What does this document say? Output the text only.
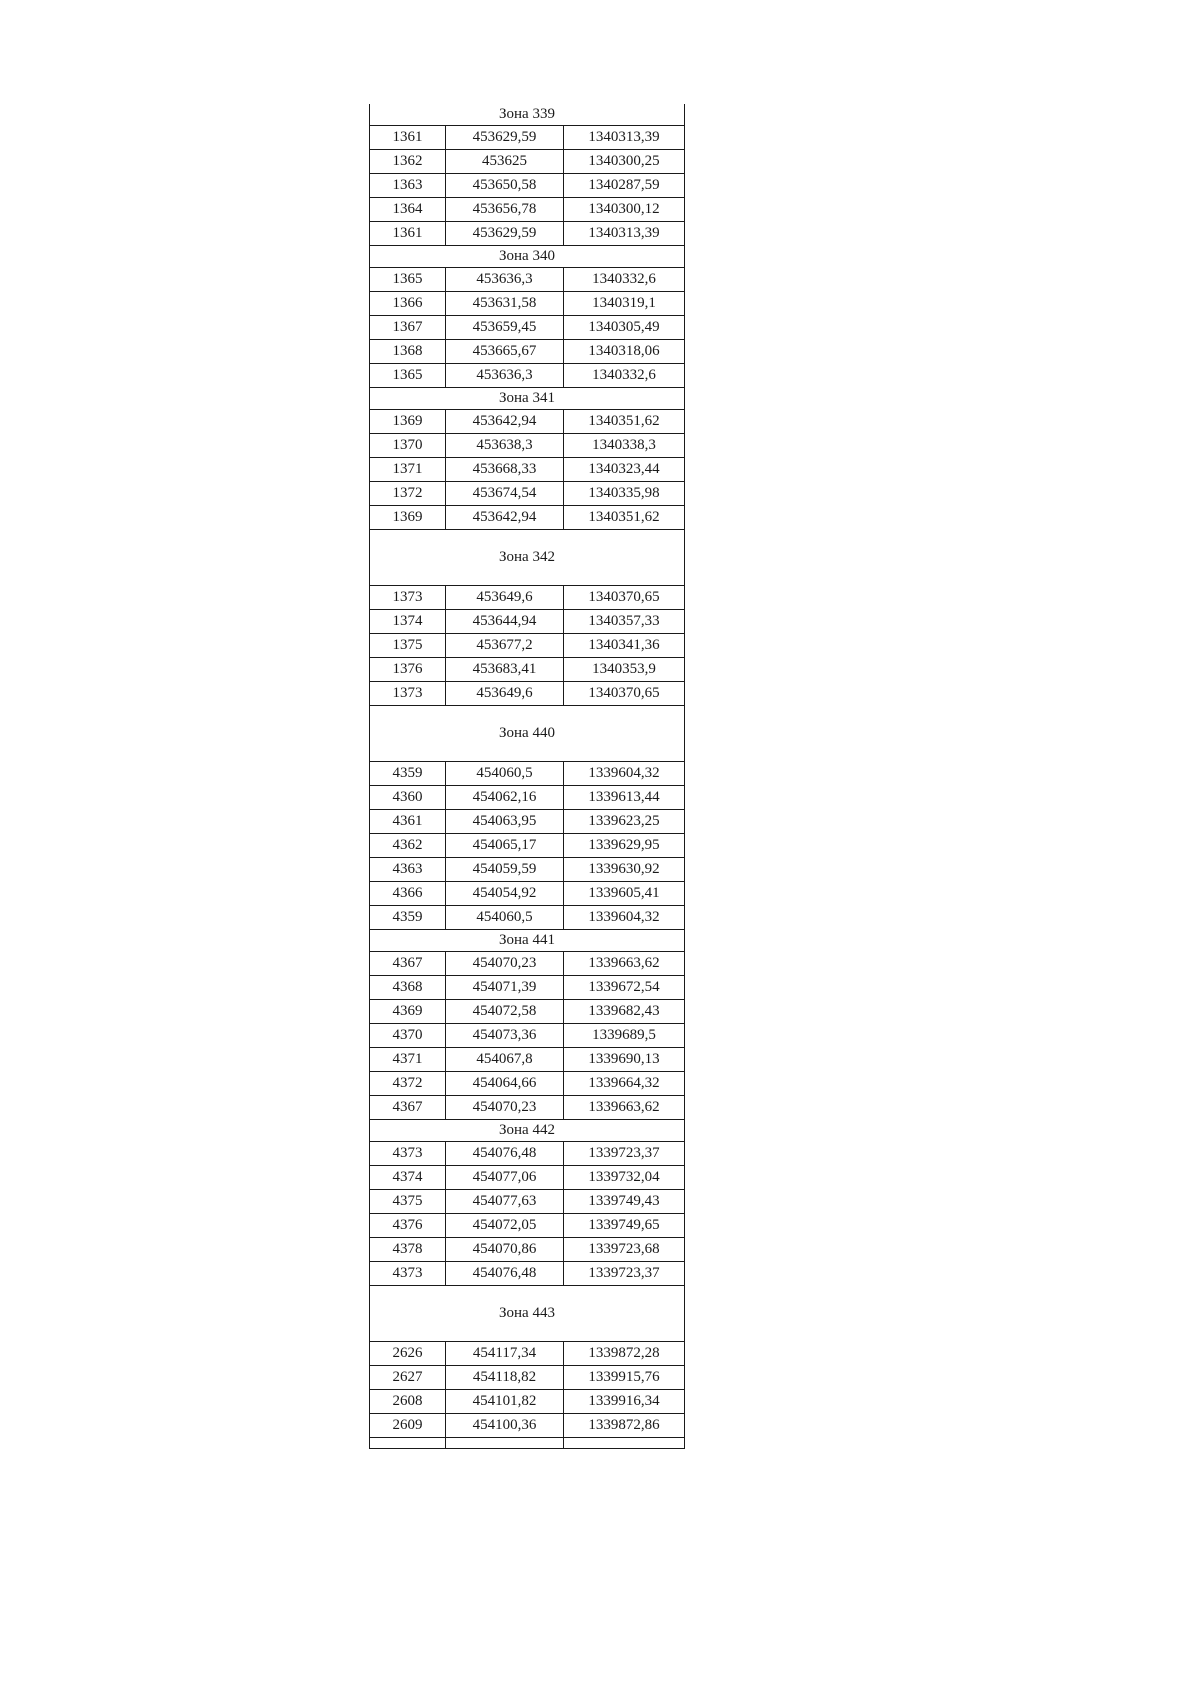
Зона 339		
1361	453629,59	1340313,39
1362	453625	1340300,25
1363	453650,58	1340287,59
1364	453656,78	1340300,12
1361	453629,59	1340313,39
Зона 340		
1365	453636,3	1340332,6
1366	453631,58	1340319,1
1367	453659,45	1340305,49
1368	453665,67	1340318,06
1365	453636,3	1340332,6
Зона 341		
1369	453642,94	1340351,62
1370	453638,3	1340338,3
1371	453668,33	1340323,44
1372	453674,54	1340335,98
1369	453642,94	1340351,62
Зона 342		
1373	453649,6	1340370,65
1374	453644,94	1340357,33
1375	453677,2	1340341,36
1376	453683,41	1340353,9
1373	453649,6	1340370,65
Зона 440		
4359	454060,5	1339604,32
4360	454062,16	1339613,44
4361	454063,95	1339623,25
4362	454065,17	1339629,95
4363	454059,59	1339630,92
4366	454054,92	1339605,41
4359	454060,5	1339604,32
Зона 441		
4367	454070,23	1339663,62
4368	454071,39	1339672,54
4369	454072,58	1339682,43
4370	454073,36	1339689,5
4371	454067,8	1339690,13
4372	454064,66	1339664,32
4367	454070,23	1339663,62
Зона 442		
4373	454076,48	1339723,37
4374	454077,06	1339732,04
4375	454077,63	1339749,43
4376	454072,05	1339749,65
4378	454070,86	1339723,68
4373	454076,48	1339723,37
Зона 443		
2626	454117,34	1339872,28
2627	454118,82	1339915,76
2608	454101,82	1339916,34
2609	454100,36	1339872,86
